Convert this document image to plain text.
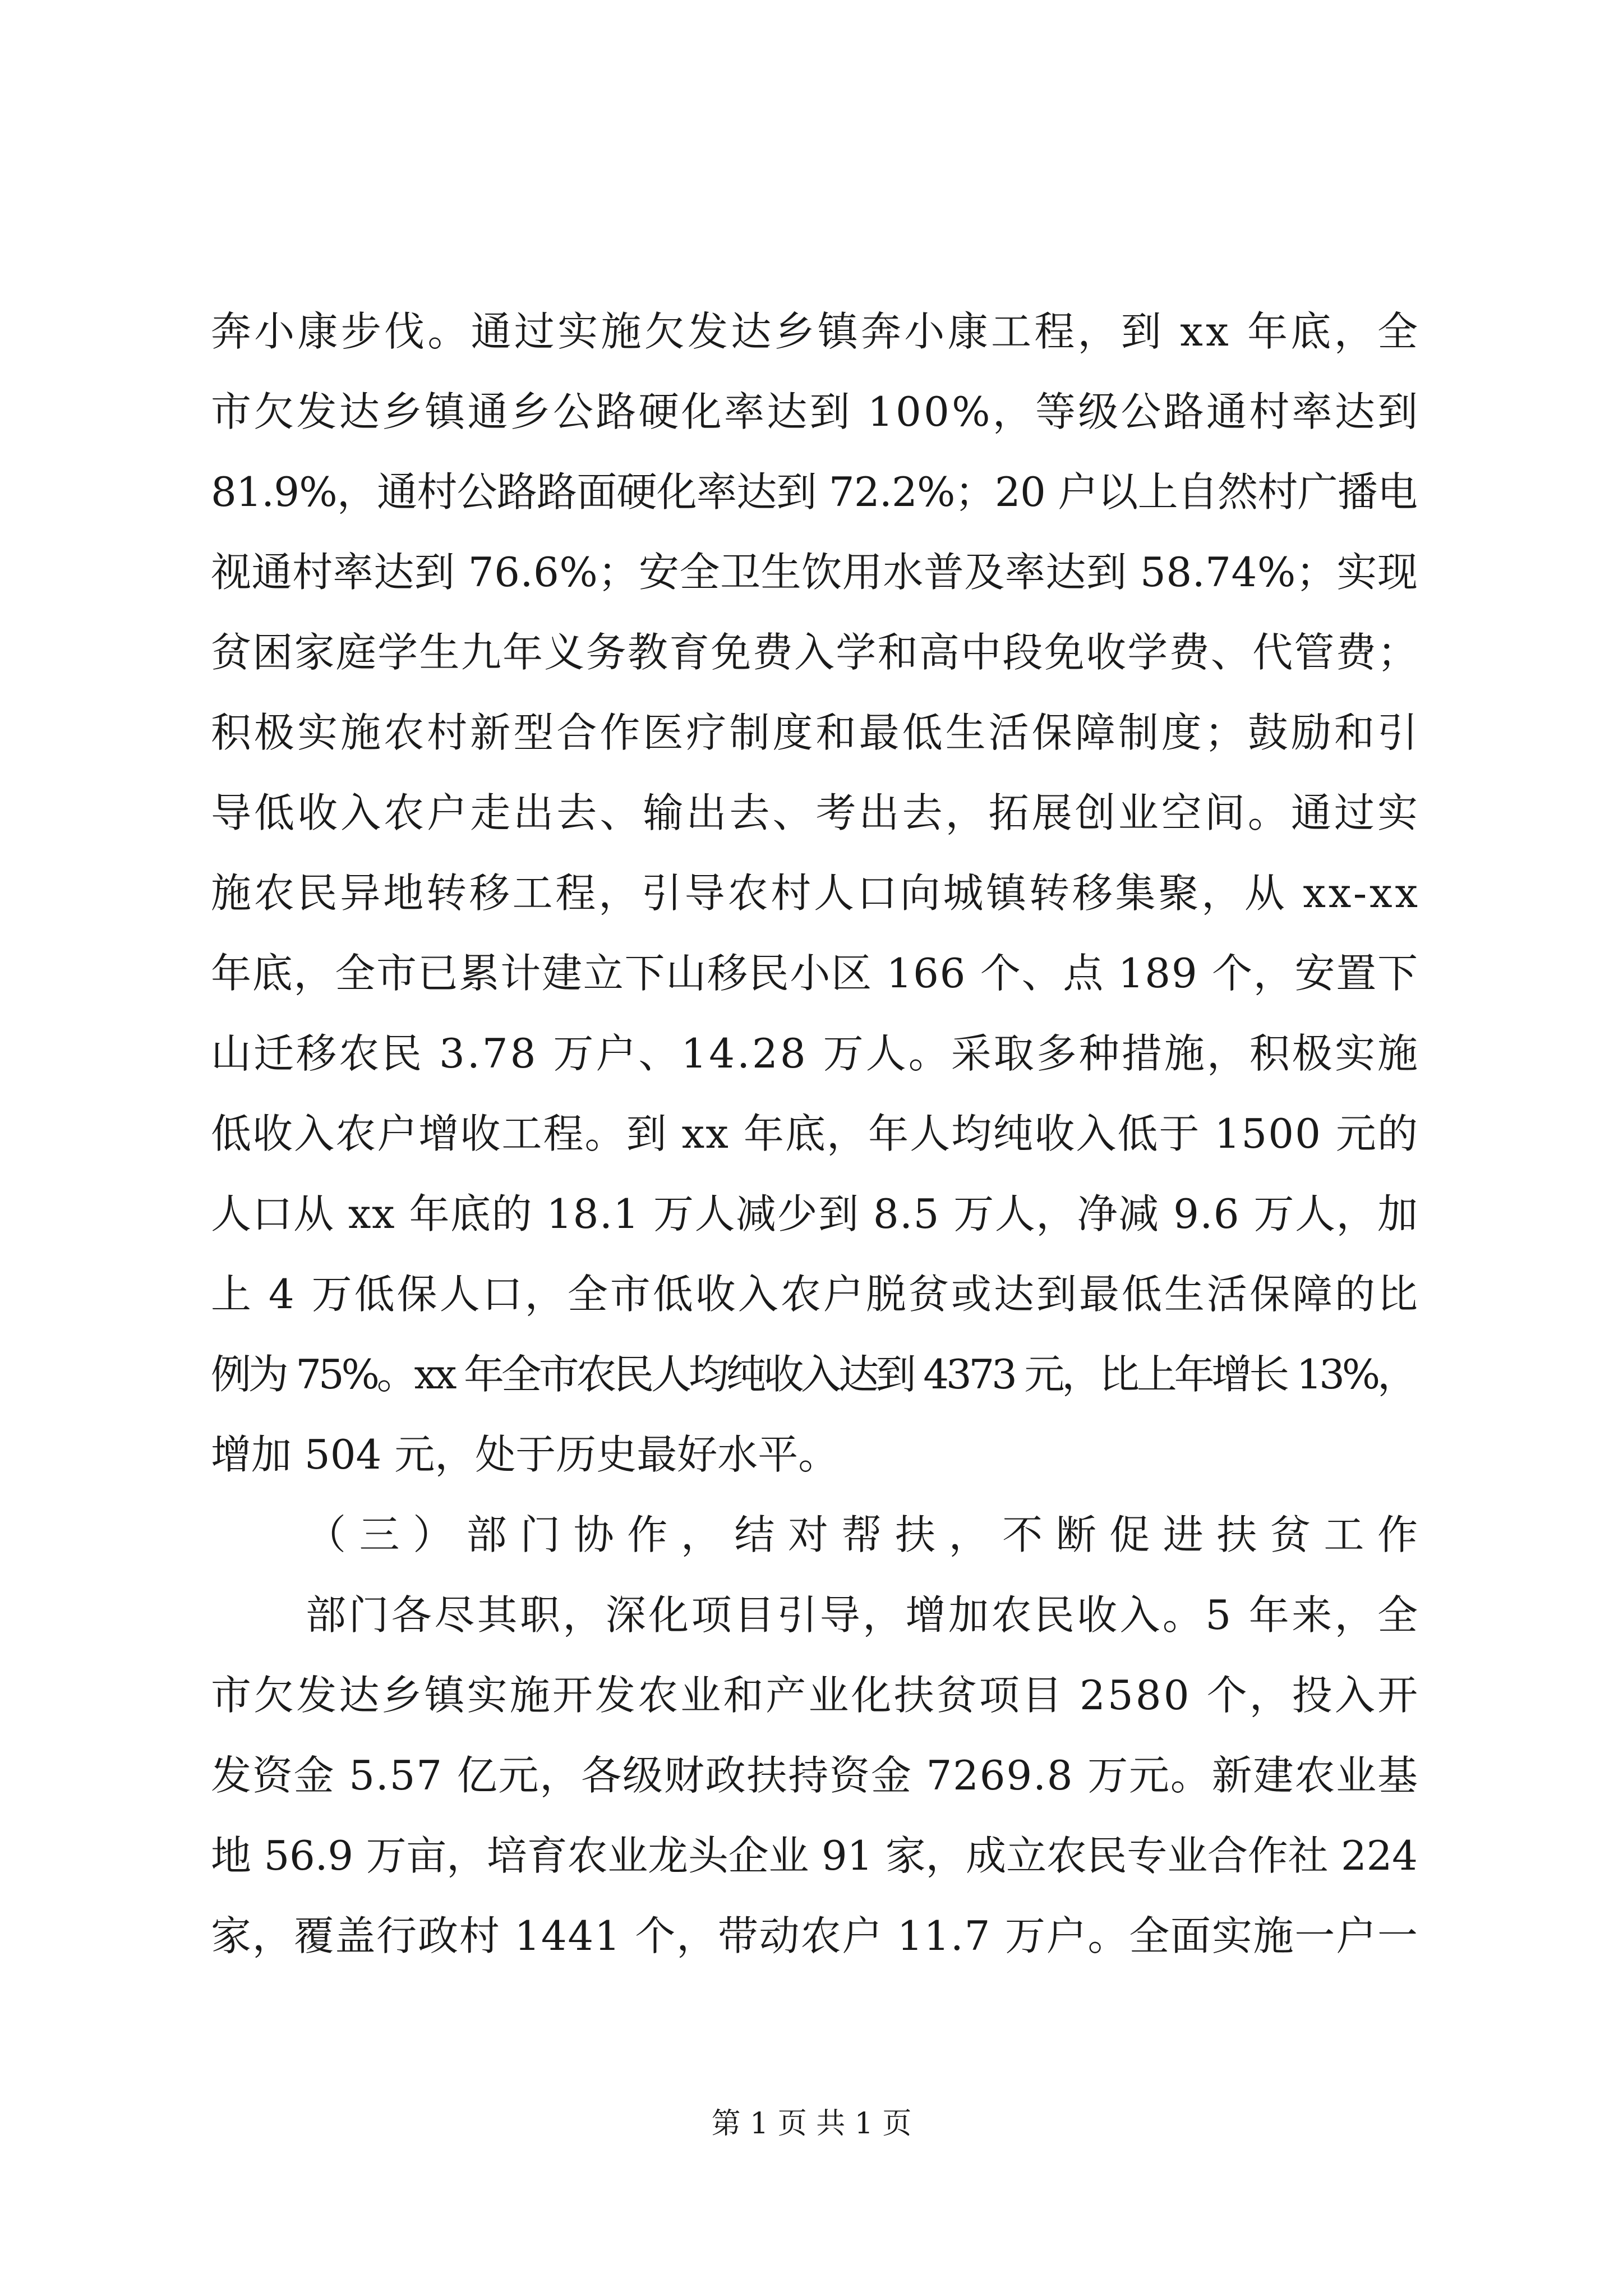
奔小康步伐。通过实施欠发达乡镇奔小康工程，到 xx 年底，全
市欠发达乡镇通乡公路硬化率达到 100%，等级公路通村率达到
81.9%，通村公路路面硬化率达到 72.2%；20 户以上自然村广播电
视通村率达到 76.6%；安全卫生饮用水普及率达到 58.74%；实现
贫困家庭学生九年义务教育免费入学和高中段免收学费、代管费；
积极实施农村新型合作医疗制度和最低生活保障制度；鼓励和引
导低收入农户走出去、输出去、考出去，拓展创业空间。通过实
施农民异地转移工程，引导农村人口向城镇转移集聚，从 xx-xx
年底，全市已累计建立下山移民小区 166 个、点 189 个，安置下
山迁移农民 3.78 万户、14.28 万人。采取多种措施，积极实施
低收入农户增收工程。到 xx 年底，年人均纯收入低于 1500 元的
人口从 xx 年底的 18.1 万人减少到 8.5 万人，净减 9.6 万人，加
上 4 万低保人口，全市低收入农户脱贫或达到最低生活保障的比
例为 75%。xx 年全市农民人均纯收入达到 4373 元，比上年增长 13%，
增加 504 元，处于历史最好水平。
（三）部门协作，结对帮扶，不断促进扶贫工作
部门各尽其职，深化项目引导，增加农民收入。5 年来，全
市欠发达乡镇实施开发农业和产业化扶贫项目 2580 个，投入开
发资金 5.57 亿元，各级财政扶持资金 7269.8 万元。新建农业基
地 56.9 万亩，培育农业龙头企业 91 家，成立农民专业合作社 224
家，覆盖行政村 1441 个，带动农户 11.7 万户。全面实施一户一
第 1 页 共 1 页
